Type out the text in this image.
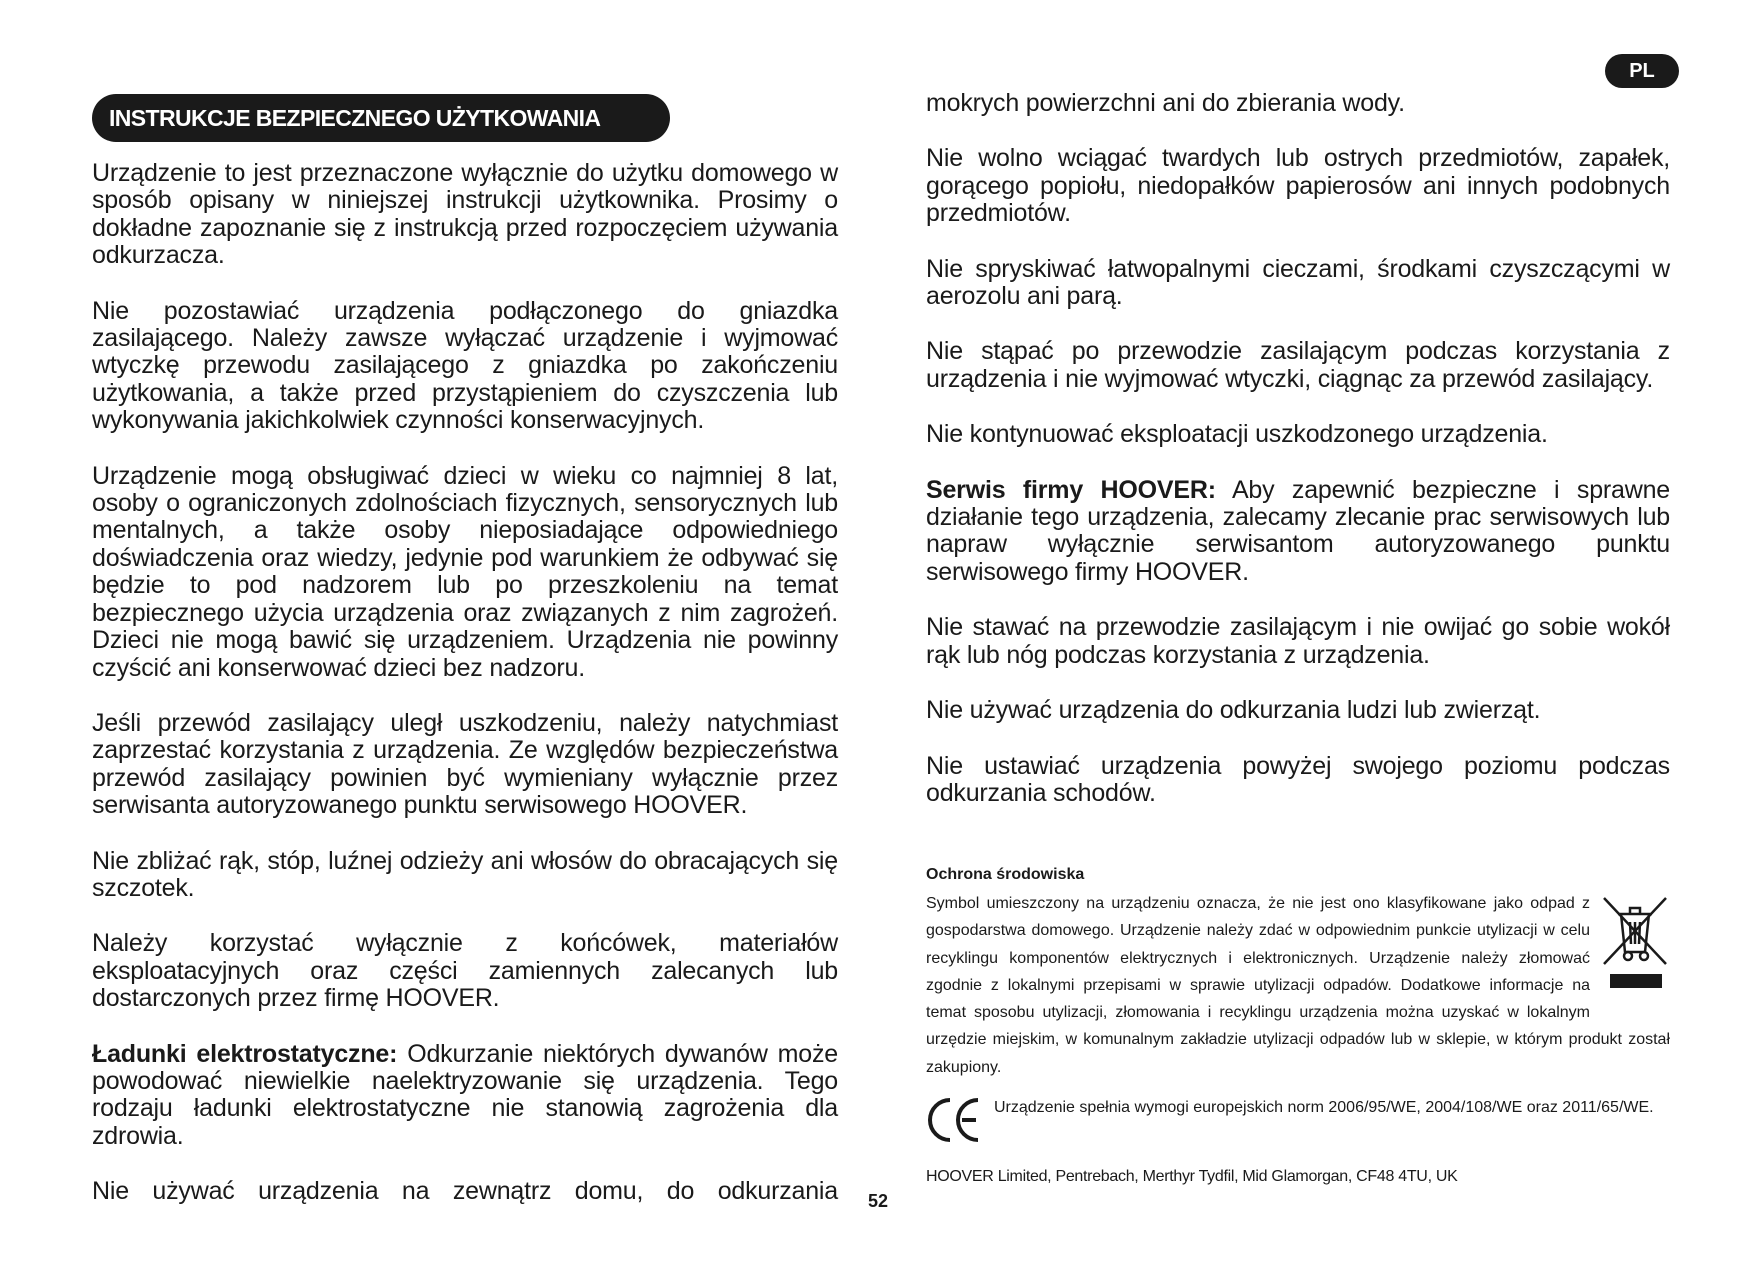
PL
INSTRUKCJE BEZPIECZNEGO UŻYTKOWANIA

Urządzenie to jest przeznaczone wyłącznie do użytku domowego w sposób opisany w niniejszej instrukcji użytkownika. Prosimy o dokładne zapoznanie się z instrukcją przed rozpoczęciem używania odkurzacza.

Nie pozostawiać urządzenia podłączonego do gniazdka zasilającego. Należy zawsze wyłączać urządzenie i wyjmować wtyczkę przewodu zasilającego z gniazdka po zakończeniu użytkowania, a także przed przystąpieniem do czyszczenia lub wykonywania jakichkolwiek czynności konserwacyjnych.

Urządzenie mogą obsługiwać dzieci w wieku co najmniej 8 lat, osoby o ograniczonych zdolnościach fizycznych, sensorycznych lub mentalnych, a także osoby nieposiadające odpowiedniego doświadczenia oraz wiedzy, jedynie pod warunkiem że odbywać się będzie to pod nadzorem lub po przeszkoleniu na temat bezpiecznego użycia urządzenia oraz związanych z nim zagrożeń. Dzieci nie mogą bawić się urządzeniem. Urządzenia nie powinny czyścić ani konserwować dzieci bez nadzoru.

Jeśli przewód zasilający uległ uszkodzeniu, należy natychmiast zaprzestać korzystania z urządzenia. Ze względów bezpieczeństwa przewód zasilający powinien być wymieniany wyłącznie przez serwisanta autoryzowanego punktu serwisowego HOOVER.

Nie zbliżać rąk, stóp, luźnej odzieży ani włosów do obracających się szczotek.

Należy korzystać wyłącznie z końcówek, materiałów eksploatacyjnych oraz części zamiennych zalecanych lub dostarczonych przez firmę HOOVER.

Ładunki elektrostatyczne: Odkurzanie niektórych dywanów może powodować niewielkie naelektryzowanie się urządzenia. Tego rodzaju ładunki elektrostatyczne nie stanowią zagrożenia dla zdrowia.

Nie używać urządzenia na zewnątrz domu, do odkurzania

mokrych powierzchni ani do zbierania wody.

Nie wolno wciągać twardych lub ostrych przedmiotów, zapałek, gorącego popiołu, niedopałków papierosów ani innych podobnych przedmiotów.

Nie spryskiwać łatwopalnymi cieczami, środkami czyszczącymi w aerozolu ani parą.

Nie stąpać po przewodzie zasilającym podczas korzystania z urządzenia i nie wyjmować wtyczki, ciągnąc za przewód zasilający.

Nie kontynuować eksploatacji uszkodzonego urządzenia.

Serwis firmy HOOVER: Aby zapewnić bezpieczne i sprawne działanie tego urządzenia, zalecamy zlecanie prac serwisowych lub napraw wyłącznie serwisantom autoryzowanego punktu serwisowego firmy HOOVER.

Nie stawać na przewodzie zasilającym i nie owijać go sobie wokół rąk lub nóg podczas korzystania z urządzenia.

Nie używać urządzenia do odkurzania ludzi lub zwierząt.

Nie ustawiać urządzenia powyżej swojego poziomu podczas odkurzania schodów.

Ochrona środowiska

Symbol umieszczony na urządzeniu oznacza, że nie jest ono klasyfikowane jako odpad z gospodarstwa domowego. Urządzenie należy zdać w odpowiednim punkcie utylizacji w celu recyklingu komponentów elektrycznych i elektronicznych. Urządzenie należy złomować zgodnie z lokalnymi przepisami w sprawie utylizacji odpadów. Dodatkowe informacje na temat sposobu utylizacji, złomowania i recyklingu urządzenia można uzyskać w lokalnym urzędzie miejskim, w komunalnym zakładzie utylizacji odpadów lub w sklepie, w którym produkt został zakupiony.

Urządzenie spełnia wymogi europejskich norm 2006/95/WE, 2004/108/WE oraz 2011/65/WE.
HOOVER Limited, Pentrebach, Merthyr Tydfil, Mid Glamorgan, CF48 4TU, UK
52
